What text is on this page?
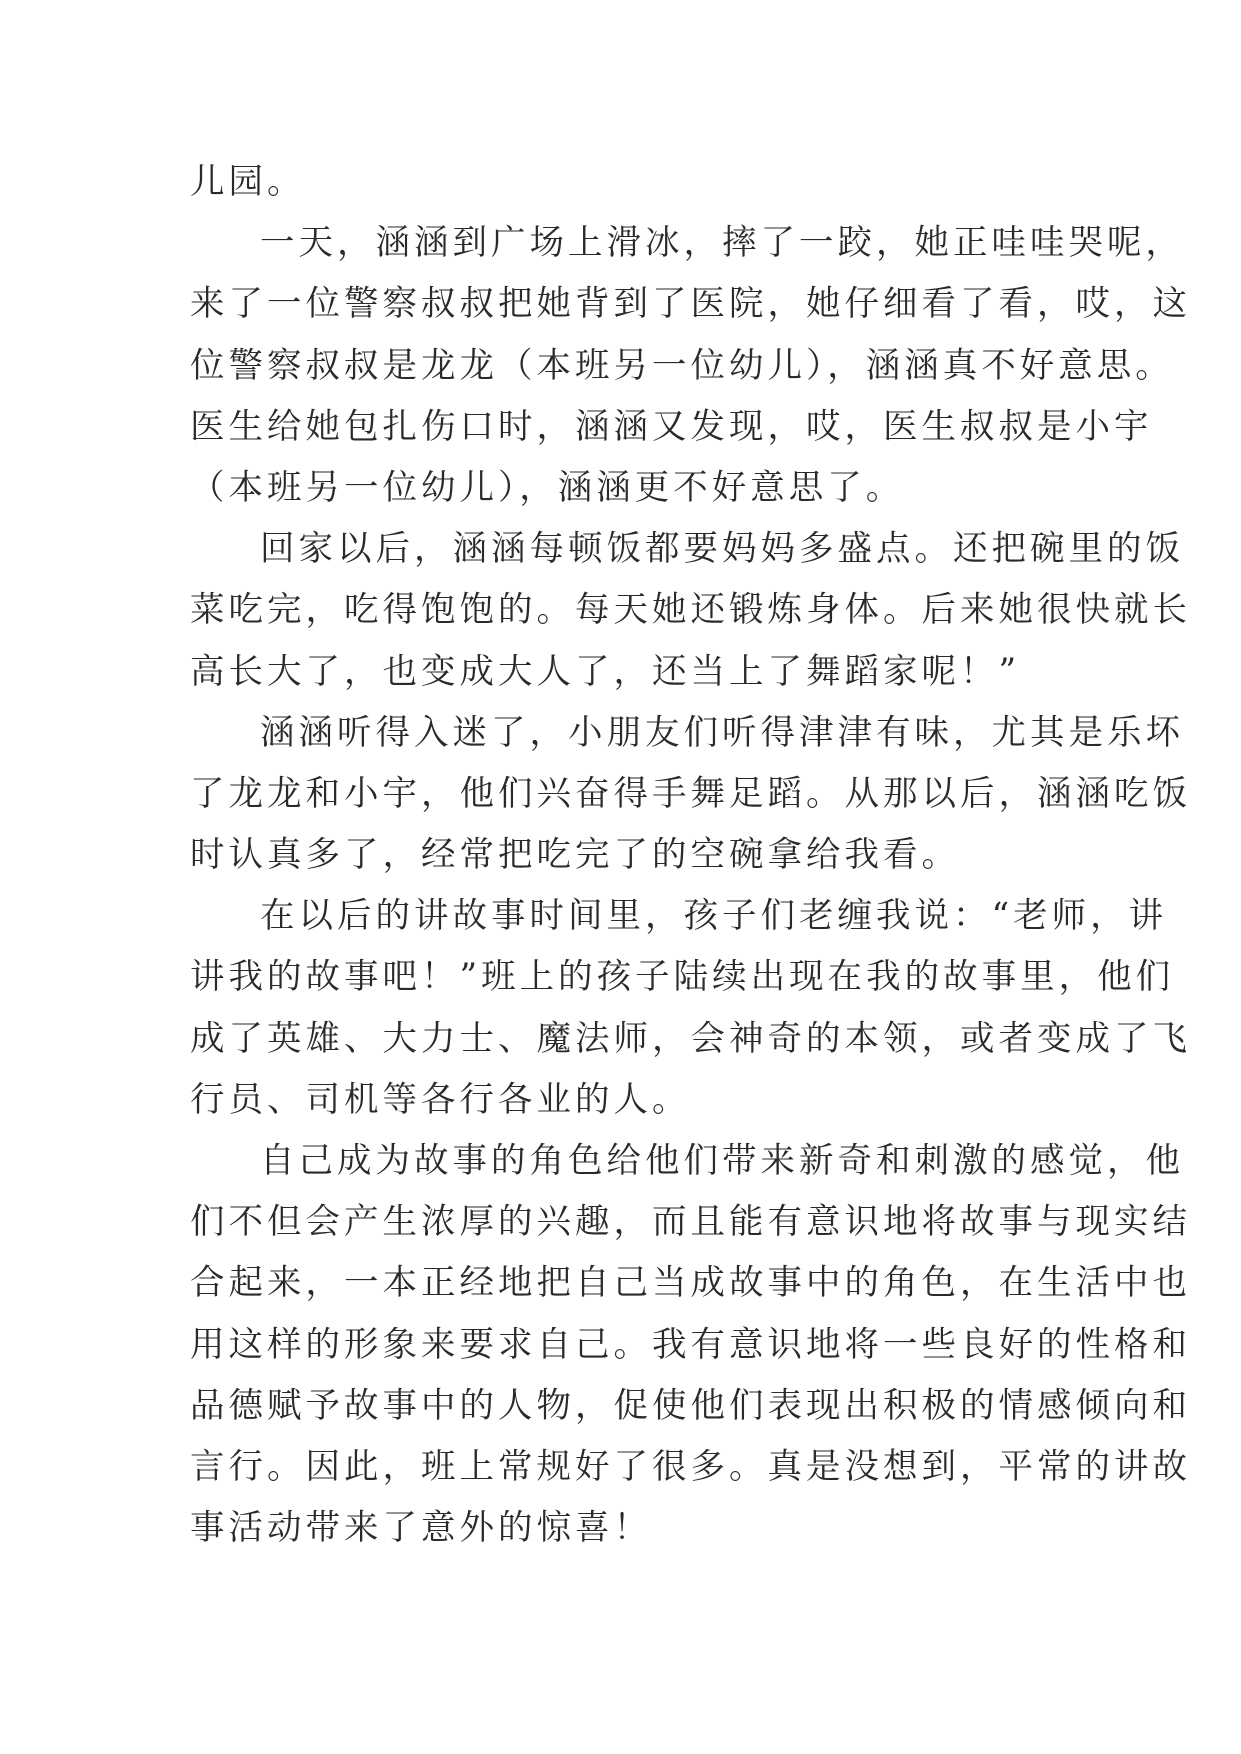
儿园。
一天，涵涵到广场上滑冰，摔了一跤，她正哇哇哭呢，
来了一位警察叔叔把她背到了医院，她仔细看了看，哎，这
位警察叔叔是龙龙（本班另一位幼儿），涵涵真不好意思。
医生给她包扎伤口时，涵涵又发现，哎，医生叔叔是小宇
（本班另一位幼儿），涵涵更不好意思了。
回家以后，涵涵每顿饭都要妈妈多盛点。还把碗里的饭
菜吃完，吃得饱饱的。每天她还锻炼身体。后来她很快就长
高长大了，也变成大人了，还当上了舞蹈家呢！”
涵涵听得入迷了，小朋友们听得津津有味，尤其是乐坏
了龙龙和小宇，他们兴奋得手舞足蹈。从那以后，涵涵吃饭
时认真多了，经常把吃完了的空碗拿给我看。
在以后的讲故事时间里，孩子们老缠我说：“老师，讲
讲我的故事吧！”班上的孩子陆续出现在我的故事里，他们
成了英雄、大力士、魔法师，会神奇的本领，或者变成了飞
行员、司机等各行各业的人。
自己成为故事的角色给他们带来新奇和刺激的感觉，他
们不但会产生浓厚的兴趣，而且能有意识地将故事与现实结
合起来，一本正经地把自己当成故事中的角色，在生活中也
用这样的形象来要求自己。我有意识地将一些良好的性格和
品德赋予故事中的人物，促使他们表现出积极的情感倾向和
言行。因此，班上常规好了很多。真是没想到，平常的讲故
事活动带来了意外的惊喜！
